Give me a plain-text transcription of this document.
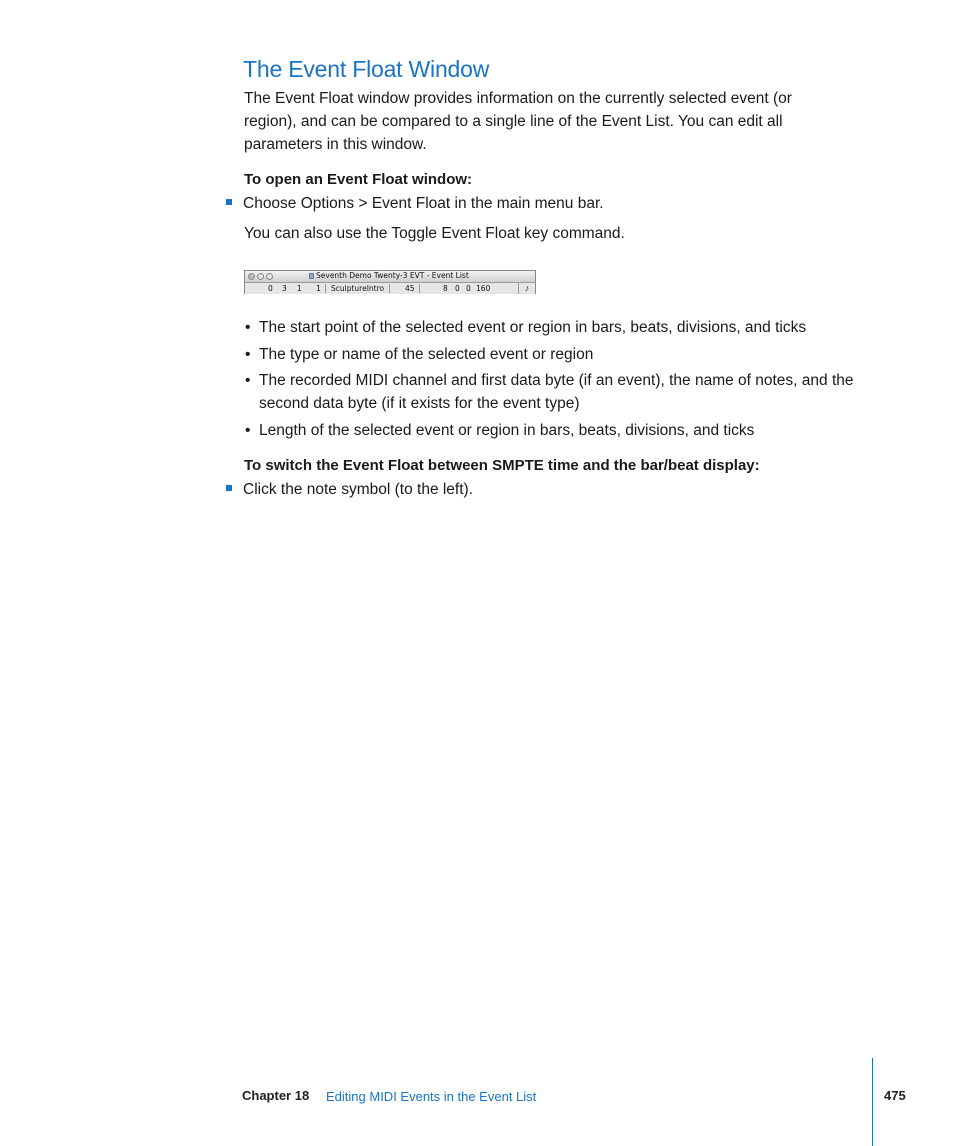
The Event Float Window

The Event Float window provides information on the currently selected event (or region), and can be compared to a single line of the Event List. You can edit all parameters in this window.

To open an Event Float window:
Choose Options > Event Float in the main menu bar.

You can also use the Toggle Event Float key command.

Seventh Demo Twenty-3 EVT - Event List
0 3 1 1 SculptureIntro	45	8 0 0 160	♪
• The start point of the selected event or region in bars, beats, divisions, and ticks
• The type or name of the selected event or region
• The recorded MIDI channel and first data byte (if an event), the name of notes, and the second data byte (if it exists for the event type)
• Length of the selected event or region in bars, beats, divisions, and ticks
To switch the Event Float between SMPTE time and the bar/beat display:
Click the note symbol (to the left).
Chapter 18 Editing MIDI Events in the Event List	475
